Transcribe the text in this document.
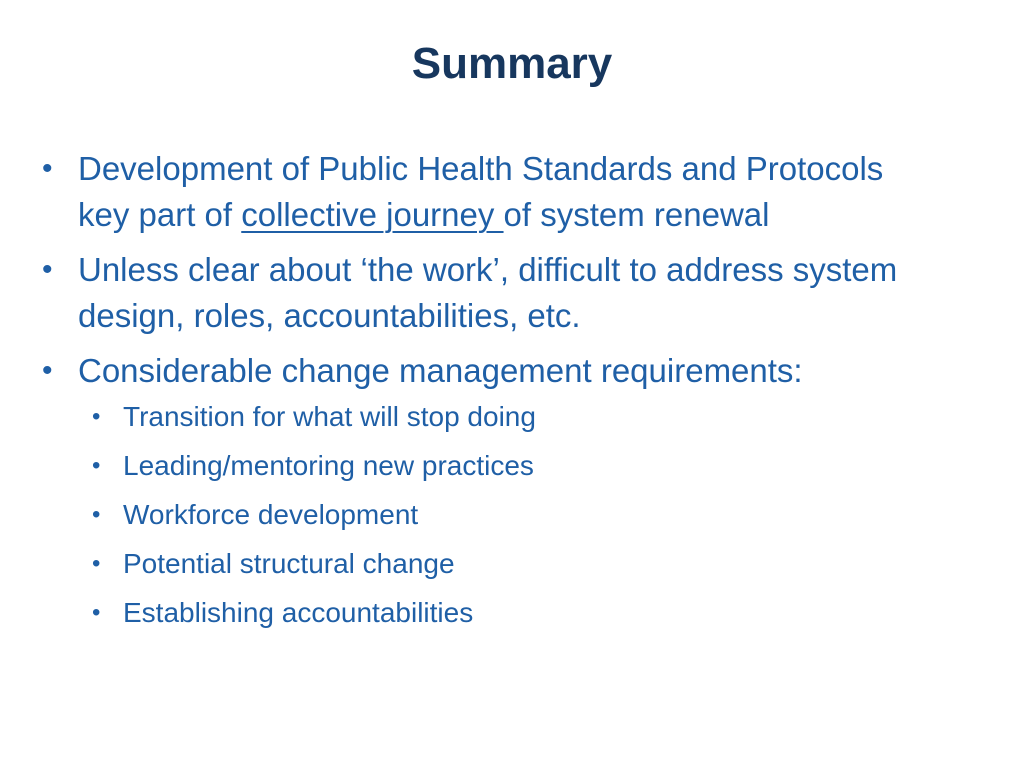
Summary
• Development of Public Health Standards and Protocols key part of collective journey of system renewal
• Unless clear about ‘the work’, difficult to address system design, roles, accountabilities, etc.
• Considerable change management requirements:
• Transition for what will stop doing
• Leading/mentoring new practices
• Workforce development
• Potential structural change
• Establishing accountabilities
